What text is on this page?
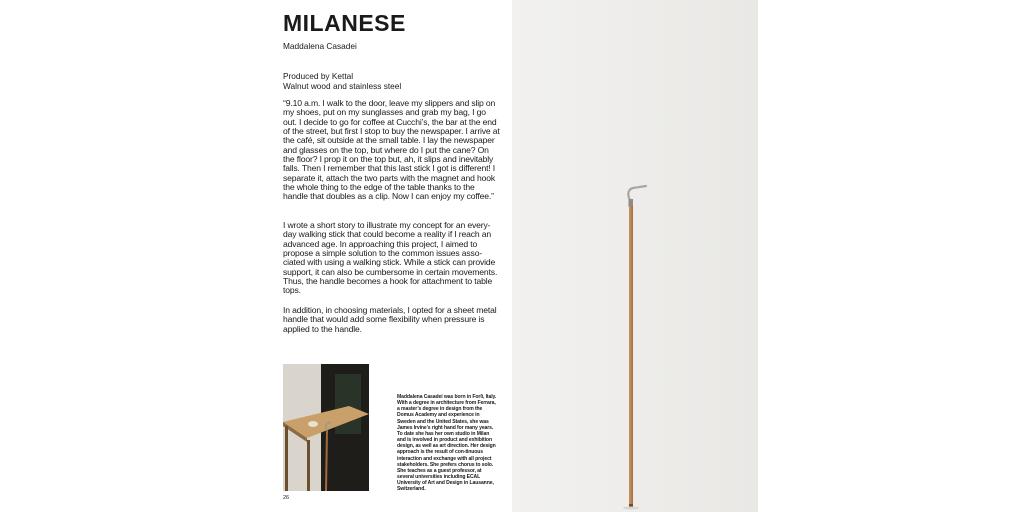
MILANESE
Maddalena Casadei
Produced by Kettal
Walnut wood and stainless steel

“9.10 a.m. I walk to the door, leave my slippers and slip on my shoes, put on my sunglasses and grab my bag, I go out. I decide to go for coffee at Cucchi’s, the bar at the end of the street, but first I stop to buy the newspaper. I arrive at the café, sit outside at the small table. I lay the newspaper and glasses on the top, but where do I put the cane? On the floor? I prop it on the top but, ah, it slips and inevitably falls. Then I remember that this last stick I got is different! I separate it, attach the two parts with the magnet and hook the whole thing to the edge of the table thanks to the handle that doubles as a clip. Now I can enjoy my coffee.”

I wrote a short story to illustrate my concept for an every-day walking stick that could become a reality if I reach an advanced age. In approaching this project, I aimed to propose a simple solution to the common issues asso-ciated with using a walking stick. While a stick can provide support, it can also be cumbersome in certain movements. Thus, the handle becomes a hook for attachment to table tops.

In addition, in choosing materials, I opted for a sheet metal handle that would add some flexibility when pressure is applied to the handle.

Maddalena Casadei was born in Forlì, Italy. With a degree in architecture from Ferrara, a master’s degree in design from the Domus Academy and experience in Sweden and the United States, she was James Irvine’s right hand for many years. To date she has her own studio in Milan and is involved in product and exhibition design, as well as art direction. Her design approach is the result of con-tinuous interaction and exchange with all project stakeholders. She prefers chorus to solo. She teaches as a guest professor, at several universities including ECAL University of Art and Design in Lausanne, Switzerland.

26
